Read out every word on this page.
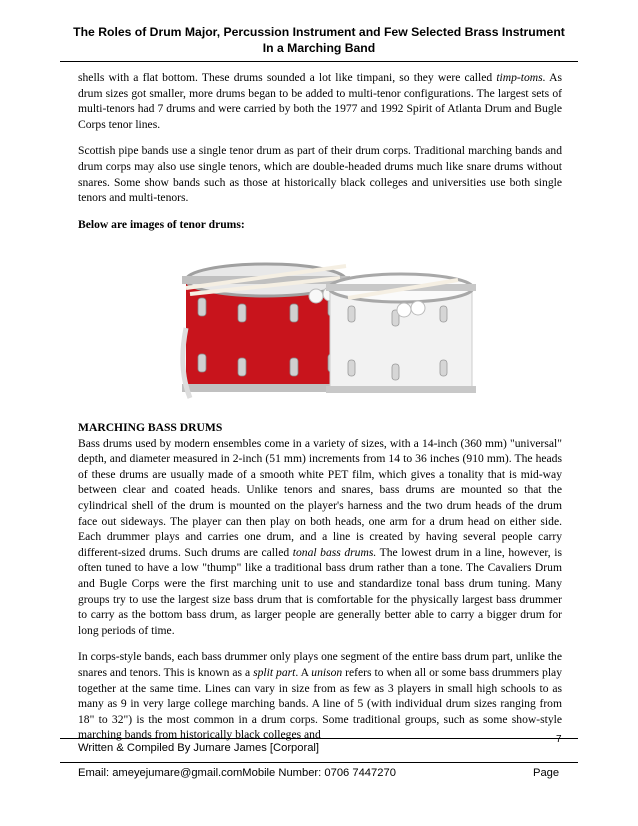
The Roles of Drum Major, Percussion Instrument and Few Selected Brass Instrument
In a Marching Band

shells with a flat bottom. These drums sounded a lot like timpani, so they were called timp-toms. As drum sizes got smaller, more drums began to be added to multi-tenor configurations. The largest sets of multi-tenors had 7 drums and were carried by both the 1977 and 1992 Spirit of Atlanta Drum and Bugle Corps tenor lines.

Scottish pipe bands use a single tenor drum as part of their drum corps. Traditional marching bands and drum corps may also use single tenors, which are double-headed drums much like snare drums without snares. Some show bands such as those at historically black colleges and universities use both single tenors and multi-tenors.

Below are images of tenor drums:

MARCHING BASS DRUMS

Bass drums used by modern ensembles come in a variety of sizes, with a 14-inch (360 mm) "universal" depth, and diameter measured in 2-inch (51 mm) increments from 14 to 36 inches (910 mm). The heads of these drums are usually made of a smooth white PET film, which gives a tonality that is mid-way between clear and coated heads. Unlike tenors and snares, bass drums are mounted so that the cylindrical shell of the drum is mounted on the player's harness and the two drum heads of the drum face out sideways. The player can then play on both heads, one arm for a drum head on either side. Each drummer plays and carries one drum, and a line is created by having several people carry different-sized drums. Such drums are called tonal bass drums. The lowest drum in a line, however, is often tuned to have a low "thump" like a traditional bass drum rather than a tone. The Cavaliers Drum and Bugle Corps were the first marching unit to use and standardize tonal bass drum tuning. Many groups try to use the largest size bass drum that is comfortable for the physically largest bass drummer to carry as the bottom bass drum, as larger people are generally better able to carry a bigger drum for long periods of time.

In corps-style bands, each bass drummer only plays one segment of the entire bass drum part, unlike the snares and tenors. This is known as a split part. A unison refers to when all or some bass drummers play together at the same time. Lines can vary in size from as few as 3 players in small high schools to as many as 9 in very large college marching bands. A line of 5 (with individual drum sizes ranging from 18" to 32") is the most common in a drum corps. Some traditional groups, such as some show-style marching bands from historically black colleges and

Written & Compiled By Jumare James [Corporal]
7
Email: ameyejumare@gmail.comMobile Number: 0706 7447270	Page
